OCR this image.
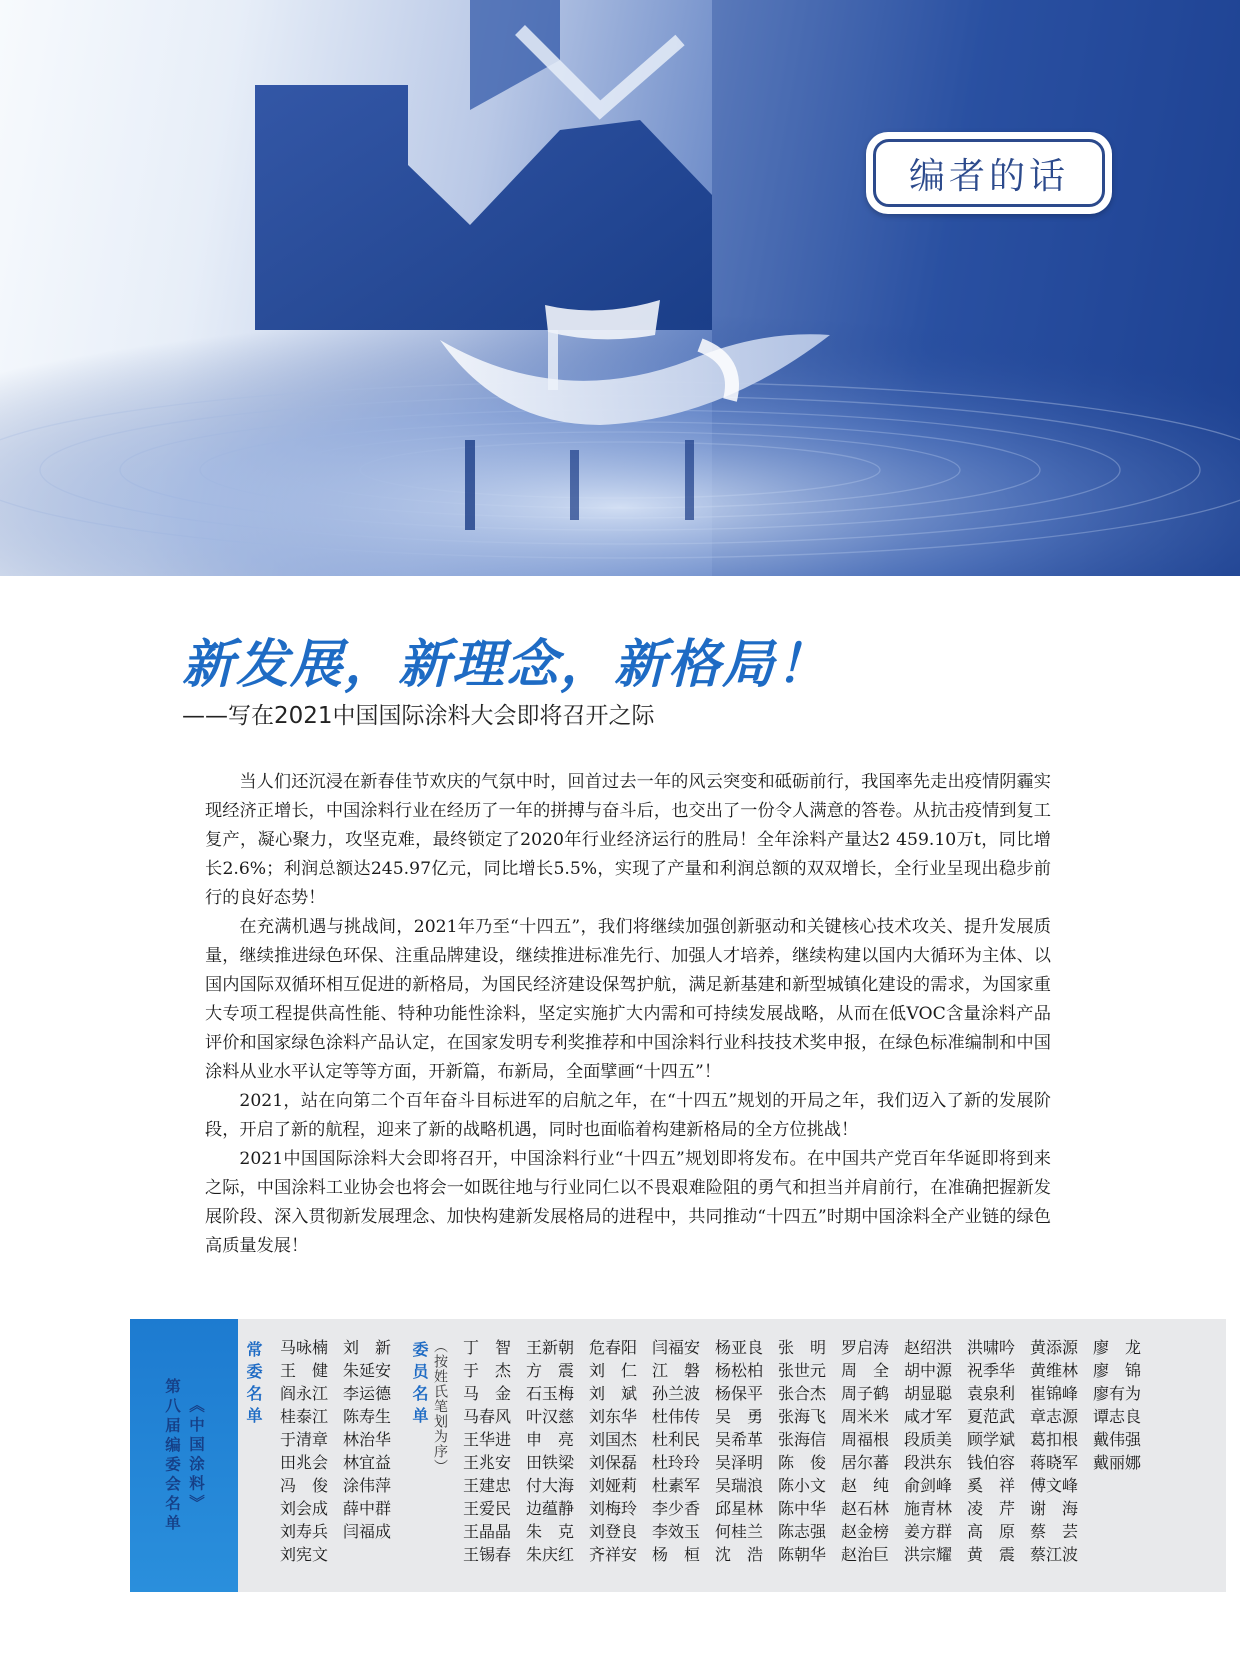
编者的话
新发展，新理念，新格局！
——写在2021中国国际涂料大会即将召开之际

当人们还沉浸在新春佳节欢庆的气氛中时，回首过去一年的风云突变和砥砺前行，我国率先走出疫情阴霾实现经济正增长，中国涂料行业在经历了一年的拼搏与奋斗后，也交出了一份令人满意的答卷。从抗击疫情到复工复产，凝心聚力，攻坚克难，最终锁定了2020年行业经济运行的胜局！全年涂料产量达2 459.10万t，同比增长2.6%；利润总额达245.97亿元，同比增长5.5%，实现了产量和利润总额的双双增长，全行业呈现出稳步前行的良好态势！

在充满机遇与挑战间，2021年乃至“十四五”，我们将继续加强创新驱动和关键核心技术攻关、提升发展质量，继续推进绿色环保、注重品牌建设，继续推进标准先行、加强人才培养，继续构建以国内大循环为主体、以国内国际双循环相互促进的新格局，为国民经济建设保驾护航，满足新基建和新型城镇化建设的需求，为国家重大专项工程提供高性能、特种功能性涂料，坚定实施扩大内需和可持续发展战略，从而在低VOC含量涂料产品评价和国家绿色涂料产品认定，在国家发明专利奖推荐和中国涂料行业科技技术奖申报，在绿色标准编制和中国涂料从业水平认定等等方面，开新篇，布新局，全面擘画“十四五”！

2021，站在向第二个百年奋斗目标进军的启航之年，在“十四五”规划的开局之年，我们迈入了新的发展阶段，开启了新的航程，迎来了新的战略机遇，同时也面临着构建新格局的全方位挑战！

2021中国国际涂料大会即将召开，中国涂料行业“十四五”规划即将发布。在中国共产党百年华诞即将到来之际，中国涂料工业协会也将会一如既往地与行业同仁以不畏艰难险阻的勇气和担当并肩前行，在准确把握新发展阶段、深入贯彻新发展理念、加快构建新发展格局的进程中，共同推动“十四五”时期中国涂料全产业链的绿色高质量发展！

第八届编委会名单 《中国涂料》
常委名单 马咏楠
王　健
阎永江
桂泰江
于清章
田兆会
冯　俊
刘会成
刘寿兵
刘宪文
刘　新
朱延安
李运德
陈寿生
林治华
林宜益
涂伟萍
薛中群
闫福成
委员名单 （按姓氏笔划为序） 丁　智
于　杰
马　金
马春风
王华进
王兆安
王建忠
王爱民
王晶晶
王锡春
王新朝
方　震
石玉梅
叶汉慈
申　亮
田铁梁
付大海
边蕴静
朱　克
朱庆红
危春阳
刘　仁
刘　斌
刘东华
刘国杰
刘保磊
刘娅莉
刘梅玲
刘登良
齐祥安
闫福安
江　磐
孙兰波
杜伟传
杜利民
杜玲玲
杜素军
李少香
李效玉
杨　桓
杨亚良
杨松柏
杨保平
吴　勇
吴希革
吴泽明
吴瑞浪
邱星林
何桂兰
沈　浩
张　明
张世元
张合杰
张海飞
张海信
陈　俊
陈小文
陈中华
陈志强
陈朝华
罗启涛
周　全
周子鹤
周米米
周福根
居尔蕃
赵　纯
赵石林
赵金榜
赵治巨
赵绍洪
胡中源
胡显聪
咸才军
段质美
段洪东
俞剑峰
施青林
姜方群
洪宗耀
洪啸吟
祝季华
袁泉利
夏范武
顾学斌
钱伯容
奚　祥
凌　芹
高　原
黄　震
黄添源
黄维林
崔锦峰
章志源
葛扣根
蒋晓军
傅文峰
谢　海
蔡　芸
蔡江波
廖　龙
廖　锦
廖有为
谭志良
戴伟强
戴丽娜
